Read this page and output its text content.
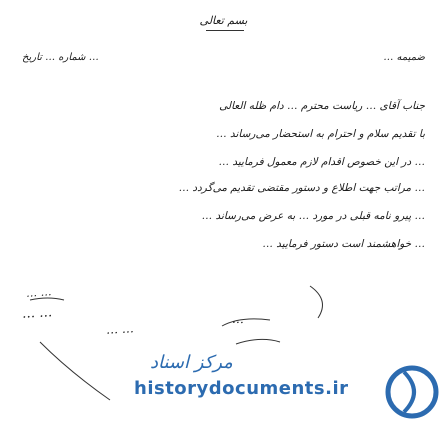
بسم تعالی
شماره … تاریخ …	ضمیمه …
جناب آقای … ریاست محترم … دام ظله العالی
با تقدیم سلام و احترام به استحضار می‌رساند …
… در این خصوص اقدام لازم معمول فرمایید …
… مراتب جهت اطلاع و دستور مقتضی تقدیم می‌گردد …
… پیرو نامه قبلی در مورد … به عرض می‌رساند …
… خواهشمند است دستور فرمایید …
… …
… …
… …
…
مرکز اسناد
historydocuments.ir
